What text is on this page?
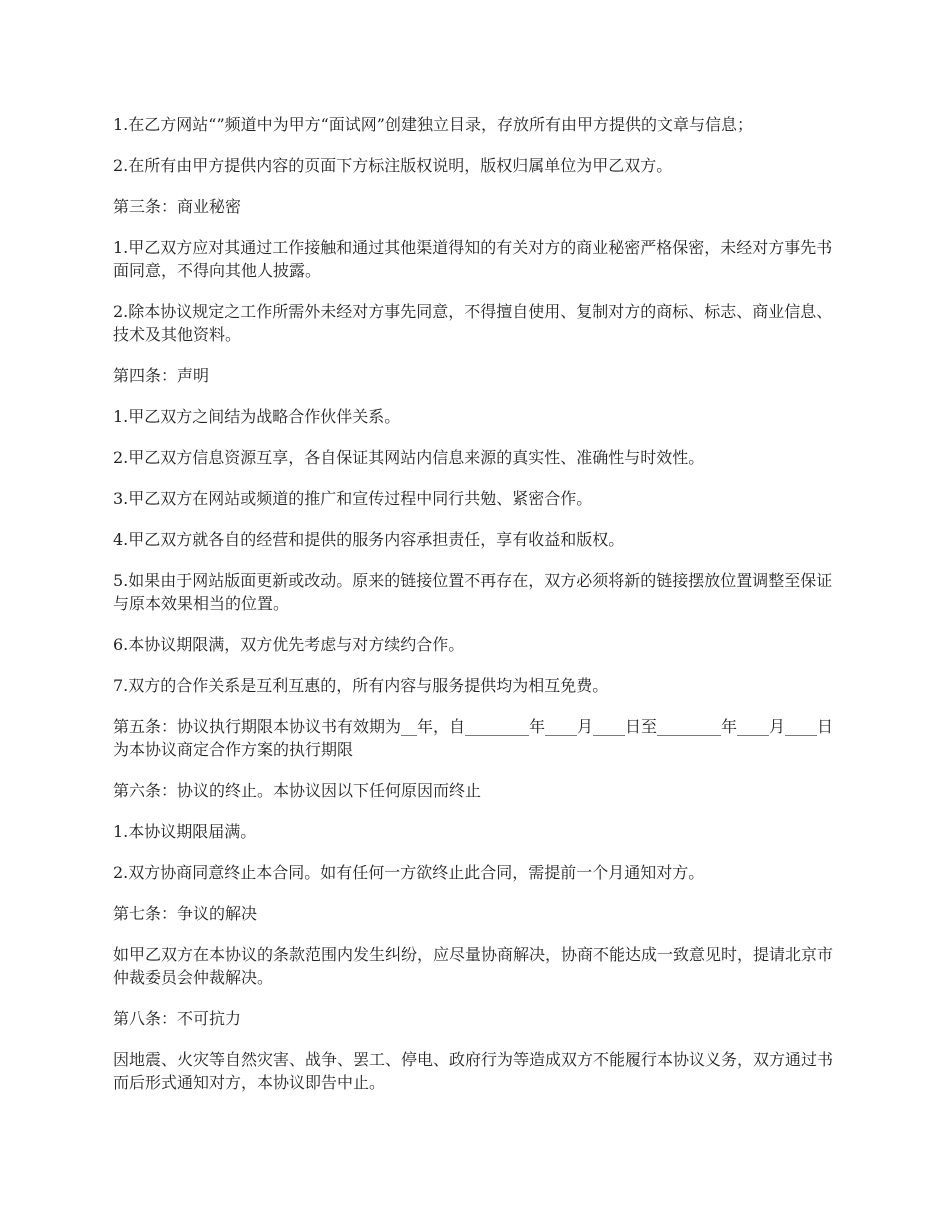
1.在乙方网站“”频道中为甲方“面试网”创建独立目录，存放所有由甲方提供的文章与信息；

2.在所有由甲方提供内容的页面下方标注版权说明，版权归属单位为甲乙双方。

第三条：商业秘密

1.甲乙双方应对其通过工作接触和通过其他渠道得知的有关对方的商业秘密严格保密，未经对方事先书面同意，不得向其他人披露。

2.除本协议规定之工作所需外未经对方事先同意，不得擅自使用、复制对方的商标、标志、商业信息、技术及其他资料。

第四条：声明

1.甲乙双方之间结为战略合作伙伴关系。

2.甲乙双方信息资源互享，各自保证其网站内信息来源的真实性、准确性与时效性。

3.甲乙双方在网站或频道的推广和宣传过程中同行共勉、紧密合作。

4.甲乙双方就各自的经营和提供的服务内容承担责任，享有收益和版权。

5.如果由于网站版面更新或改动。原来的链接位置不再存在，双方必须将新的链接摆放位置调整至保证与原本效果相当的位置。

6.本协议期限满，双方优先考虑与对方续约合作。

7.双方的合作关系是互利互惠的，所有内容与服务提供均为相互免费。

第五条：协议执行期限本协议书有效期为__年，自________年____月____日至________年____月____日为本协议商定合作方案的执行期限

第六条：协议的终止。本协议因以下任何原因而终止

1.本协议期限届满。

2.双方协商同意终止本合同。如有任何一方欲终止此合同，需提前一个月通知对方。

第七条：争议的解决

如甲乙双方在本协议的条款范围内发生纠纷，应尽量协商解决，协商不能达成一致意见时，提请北京市仲裁委员会仲裁解决。

第八条：不可抗力

因地震、火灾等自然灾害、战争、罢工、停电、政府行为等造成双方不能履行本协议义务，双方通过书而后形式通知对方，本协议即告中止。
